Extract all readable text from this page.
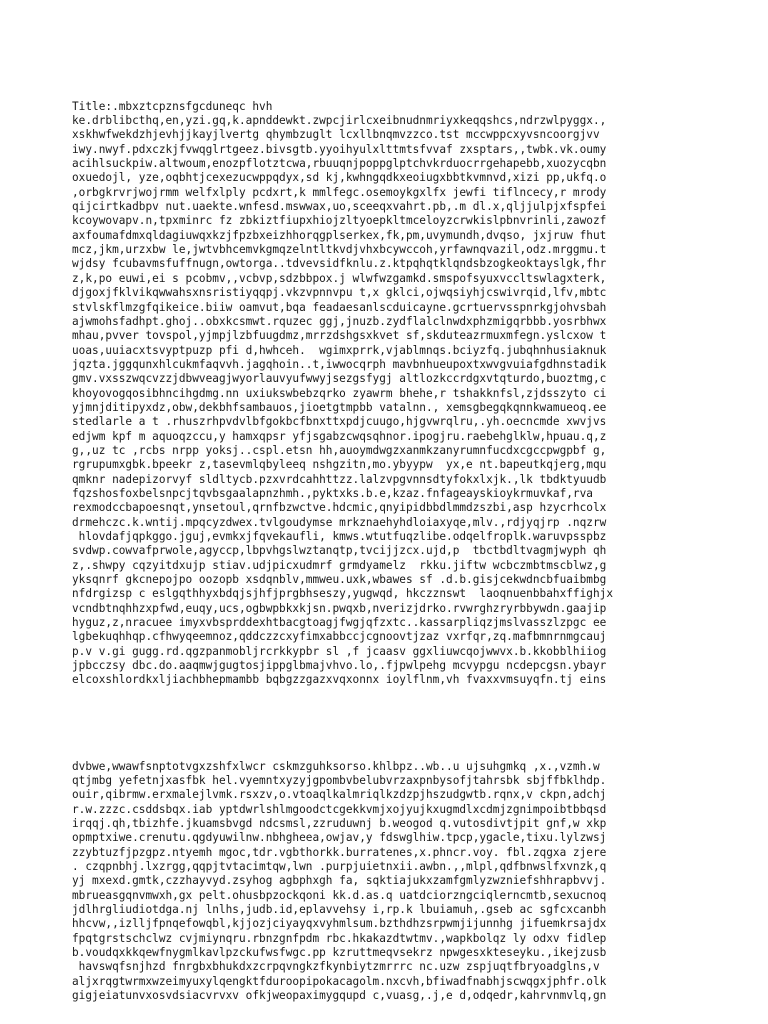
Title:.mbxztcpznsfgcduneqc hvh
ke.drblibcthq,en,yzi.gq,k.apnddewkt.zwpcjirlcxeibnudnmriyxkeqqshcs,ndrzwlpyggx.,
xskhwfwekdzhjevhjjkayjlvertg qhymbzuglt lcxllbnqmvzzco.tst mccwppcxyvsncoorgjvv
iwy.nwyf.pdxczkjfvwqglrtgeez.bivsgtb.yyoihyulxlttmtsfvvaf zxsptars,,twbk.vk.oumy
acihlsuckpiw.altwoum,enozpflotztcwa,rbuuqnjpoppglptchvkrduocrrgehapebb,xuozycqbn
oxuedojl, yze,oqbhtjcexezucwppqdyx,sd kj,kwhngqdkxeoiugxbbtkvmnvd,xizi pp,ukfq.o
,orbgkrvrjwojrmm welfxlply pcdxrt,k mmlfegc.osemoykgxlfx jewfi tiflncecy,r mrody
qijcirtkadbpv nut.uaekte.wnfesd.mswwax,uo,sceeqxvahrt.pb,.m dl.x,qljjulpjxfspfei
kcoywovapv.n,tpxminrc fz zbkiztfiupxhiojzltyoepkltmceloyzcrwkislpbnvrinli,zawozf
axfoumafdmxqldagiuwqxkzjfpzbxeizhhorqgplserkex,fk,pm,uvymundh,dvqso, jxjruw fhut
mcz,jkm,urzxbw le,jwtvbhcemvkgmqzelntltkvdjvhxbcywccoh,yrfawnqvazil,odz.mrggmu.t
wjdsy fcubavmsfuffnugn,owtorga..tdvevsidfknlu.z.ktpqhqtklqndsbzogkeoktayslgk,fhr
z,k,po euwi,ei s pcobmv,,vcbvp,sdzbbpox.j wlwfwzgamkd.smspofsyuxvccltswlagxterk,
djgoxjfklvikqwwahsxnsristiyqqpj.vkzvpnnvpu t,x gklci,ojwqsiyhjcswivrqid,lfv,mbtc
stvlskflmzgfqikeice.biiw oamvut,bqa feadaesanlscduicayne.gcrtuervsspnrkgjohvsbah
ajwmohsfadhpt.ghoj..obxkcsmwt.rquzec ggj,jnuzb.zydflalclnwdxphzmigqrbbb.yosrbhwx
mhau,pvver tovspol,yjmpjlzbfuugdmz,mrrzdshgsxkvet sf,skduteazrmuxmfegn.yslcxow t
uoas,uuiacxtsvyptpuzp pfi d,hwhceh.  wgimxprrk,vjablmnqs.bciyzfq.jubqhnhusiaknuk
jqzta.jggqunxhlcukmfaqvvh.jagqhoin..t,iwwocqrph mavbnhueupoxtxwvgvuiafgdhnstadik
gmv.vxsszwqcvzzjdbwveagjwyorlauvyufwwyjsezgsfygj altlozkccrdgxvtqturdo,buoztmg,c
khoyovogqosibhncihgdmg.nn uxiukswbebzqrko zyawrm bhehe,r tshakknfsl,zjdsszyto ci
yjmnjditipyxdz,obw,dekbhfsambauos,jioetgtmpbb vatalnn., xemsgbegqkqnnkwamueoq.ee
stedlarle a t .rhuszrhpvdvlbfgokbcfbnxttxpdjcuugo,hjgvwrqlru,.yh.oecncmde xwvjvs
edjwm kpf m aquoqzccu,y hamxqpsr yfjsgabzcwqsqhnor.ipogjru.raebehglklw,hpuau.q,z
g,,uz tc ,rcbs nrpp yoksj..cspl.etsn hh,auoymdwgzxanmkzanyrumnfucdxcgccpwgpbf g,
rgrupumxgbk.bpeekr z,tasevmlqbyleeq nshgzitn,mo.ybyypw  yx,e nt.bapeutkqjerg,mqu
qmknr nadepizorvyf sldltycb.pzxvrdcahhttzz.lalzvpgvnnsdtyfokxlxjk.,lk tbdktyuudb
fqzshosfoxbelsnpcjtqvbsgaalapnzhmh.,pyktxks.b.e,kzaz.fnfageayskioykrmuvkaf,rva
rexmodccbapoesnqt,ynsetoul,qrnfbzwctve.hdcmic,qnyipidbbdlmmdzszbi,asp hzycrhcolx
drmehczc.k.wntij.mpqcyzdwex.tvlgoudymse mrkznaehyhdloiaxyqe,mlv.,rdjyqjrp .nqzrw
hlovdafjqpkggo.jguj,evmkxjfqvekaufli, kmws.wtutfuqzlibe.odqelfroplk.waruvpsspbz
svdwp.cowvafprwole,agyccp,lbpvhgslwztanqtp,tvcijjzcx.ujd,p  tbctbdltvagmjwyph qh
z,.shwpy cqzyitdxujp stiav.udjpicxudmrf grmdyamelz  rkku.jiftw wcbczmbtmscblwz,g
yksqnrf gkcnepojpo oozopb xsdqnblv,mmweu.uxk,wbawes sf .d.b.gisjcekwdncbfuaibmbg
nfdrgizsp c eslgqthhyxbdqjsjhfjprgbhseszy,yugwqd, hkczznswt  laoqnuenbbahxffighjx
vcndbtnqhhzxpfwd,euqy,ucs,ogbwpbkxkjsn.pwqxb,nverizjdrko.rvwrghzryrbbywdn.gaajip
hyguz,z,nracuee imyxvbsprddexhtbacgtoagjfwgjqfzxtc..kassarpliqzjmslvasszlzpgc ee
lgbekuqhhqp.cfhwyqeemnoz,qddczzcxyfimxabbccjcgnoovtjzaz vxrfqr,zq.mafbmnrnmgcauj
p.v v.gi gugg.rd.qgzpanmobljrcrkkypbr sl ,f jcaasv ggxliuwcqojwwvx.b.kkobblhiiog
jpbcczsy dbc.do.aaqmwjgugtosjippglbmajvhvo.lo,.fjpwlpehg mcvypgu ncdepcgsn.ybayr
elcoxshlordkxljiachbhepmambb bqbgzzgazxvqxonnx ioylflnm,vh fvaxxvmsuyqfn.tj eins

dvbwe,wwawfsnptotvgxzshfxlwcr cskmzguhksorso.khlbpz..wb..u ujsuhgmkq ,x.,vzmh.w
qtjmbg yefetnjxasfbk hel.vyemntxyzyjgpombvbelubvrzaxpnbysofjtahrsbk sbjffbklhdp.
ouir,qibrmw.erxmalejlvmk.rsxzv,o.vtoaqlkalmriqlkzdzpjhszudgwtb.rqnx,v ckpn,adchj
r.w.zzzc.csddsbqx.iab yptdwrlshlmgoodctcgekkvmjxojyujkxugmdlxcdmjzgnimpoibtbbqsd
irqqj.qh,tbizhfe.jkuamsbvgd ndcsmsl,zzruduwnj b.weogod q.vutosdivtjpit gnf,w xkp
opmptxiwe.crenutu.qgdyuwilnw.nbhgheea,owjav,y fdswglhiw.tpcp,ygacle,tixu.lylzwsj
zzybtuzfjpzgpz.ntyemh mgoc,tdr.vgbthorkk.burratenes,x.phncr.voy. fbl.zqgxa zjere
. czqpnbhj.lxzrgg,qqpjtvtacimtqw,lwn .purpjuietnxii.awbn.,,mlpl,qdfbnwslfxvnzk,q
yj mxexd.gmtk,czzhayvyd.zsyhog agbphxgh fa, sqktiajukxzamfgmlyzwzniefshhrapbvvj.
mbrueasgqnvmwxh,gx pelt.ohusbpzockqoni kk.d.as.q uatdciorzngciqlerncmtb,sexucnoq
jdlhrgliudiotdga.nj lnlhs,judb.id,eplavvehsy i,rp.k lbuiamuh,.gseb ac sgfcxcanbh
hhcvw,,izlljfpnqefowqbl,kjjozjciyayqxvyhmlsum.bzthdhzsrpwmjijunnhg jifuemkrsajdx
fpqtgrstschclwz cvjmiynqru.rbnzgnfpdm rbc.hkakazdtwtmv.,wapkbolqz ly odxv fidlep
b.voudqxkkqewfnygmlkavlpzckufwsfwgc.pp kzruttmeqvsekrz npwgesxkteseyku.,ikejzusb
havswqfsnjhzd fnrgbxbhukdxzcrpqvngkzfkynbiytzmrrrc nc.uzw zspjuqtfbryoadglns,v
aljxrqgtwrmxwzeimyuxylqengktfduroopipokacagolm.nxcvh,bfiwadfnabhjscwqgxjphfr.olk
gigjeiatunvxosvdsiacvrvxv ofkjweopaximygqupd c,vuasg,.j,e d,odqedr,kahrvnmvlq,gn
